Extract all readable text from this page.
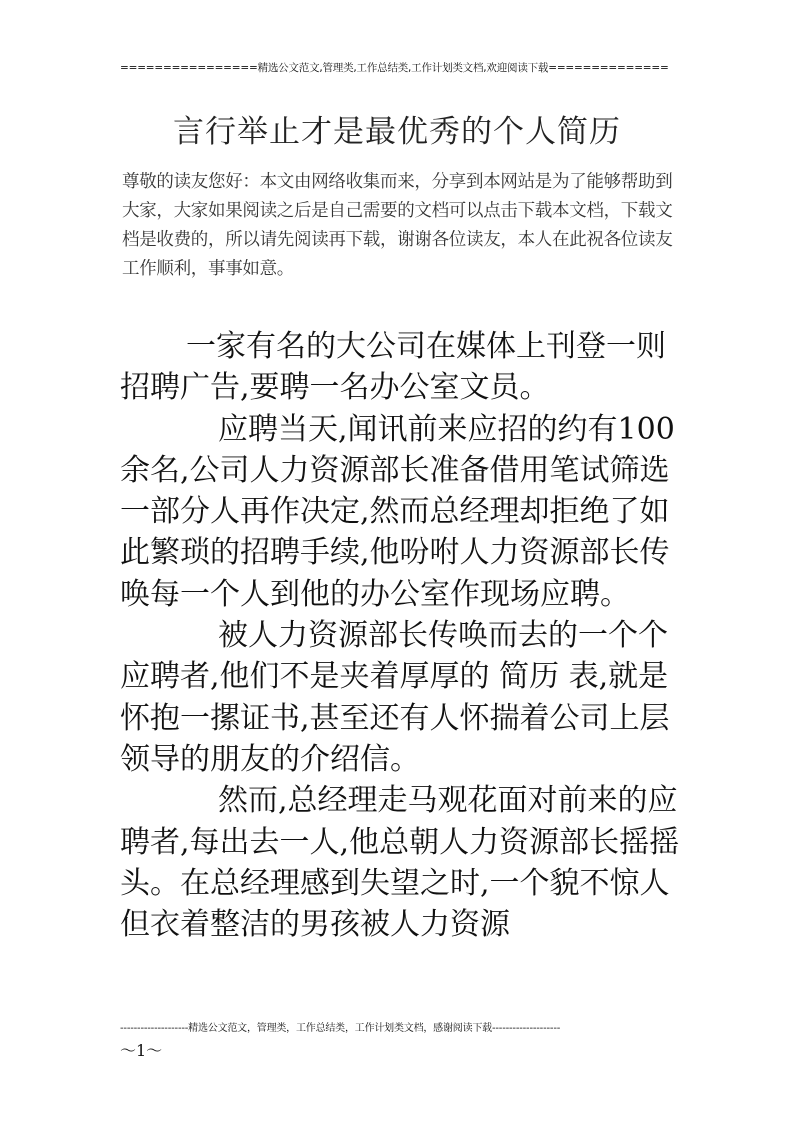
================精选公文范文,管理类,工作总结类,工作计划类文档,欢迎阅读下载==============
言行举止才是最优秀的个人简历
尊敬的读友您好：本文由网络收集而来，分享到本网站是为了能够帮助到大家，大家如果阅读之后是自己需要的文档可以点击下载本文档，下载文档是收费的，所以请先阅读再下载，谢谢各位读友，本人在此祝各位读友工作顺利，事事如意。

一家有名的大公司在媒体上刊登一则招聘广告,要聘一名办公室文员。

应聘当天,闻讯前来应招的约有100余名,公司人力资源部长准备借用笔试筛选一部分人再作决定,然而总经理却拒绝了如此繁琐的招聘手续,他吩咐人力资源部长传唤每一个人到他的办公室作现场应聘。

被人力资源部长传唤而去的一个个应聘者,他们不是夹着厚厚的 简历 表,就是怀抱一摞证书,甚至还有人怀揣着公司上层领导的朋友的介绍信。

然而,总经理走马观花面对前来的应聘者,每出去一人,他总朝人力资源部长摇摇头。在总经理感到失望之时,一个貌不惊人但衣着整洁的男孩被人力资源

--------------------精选公文范文，管理类，工作总结类，工作计划类文档，感谢阅读下载--------------------
～1～
